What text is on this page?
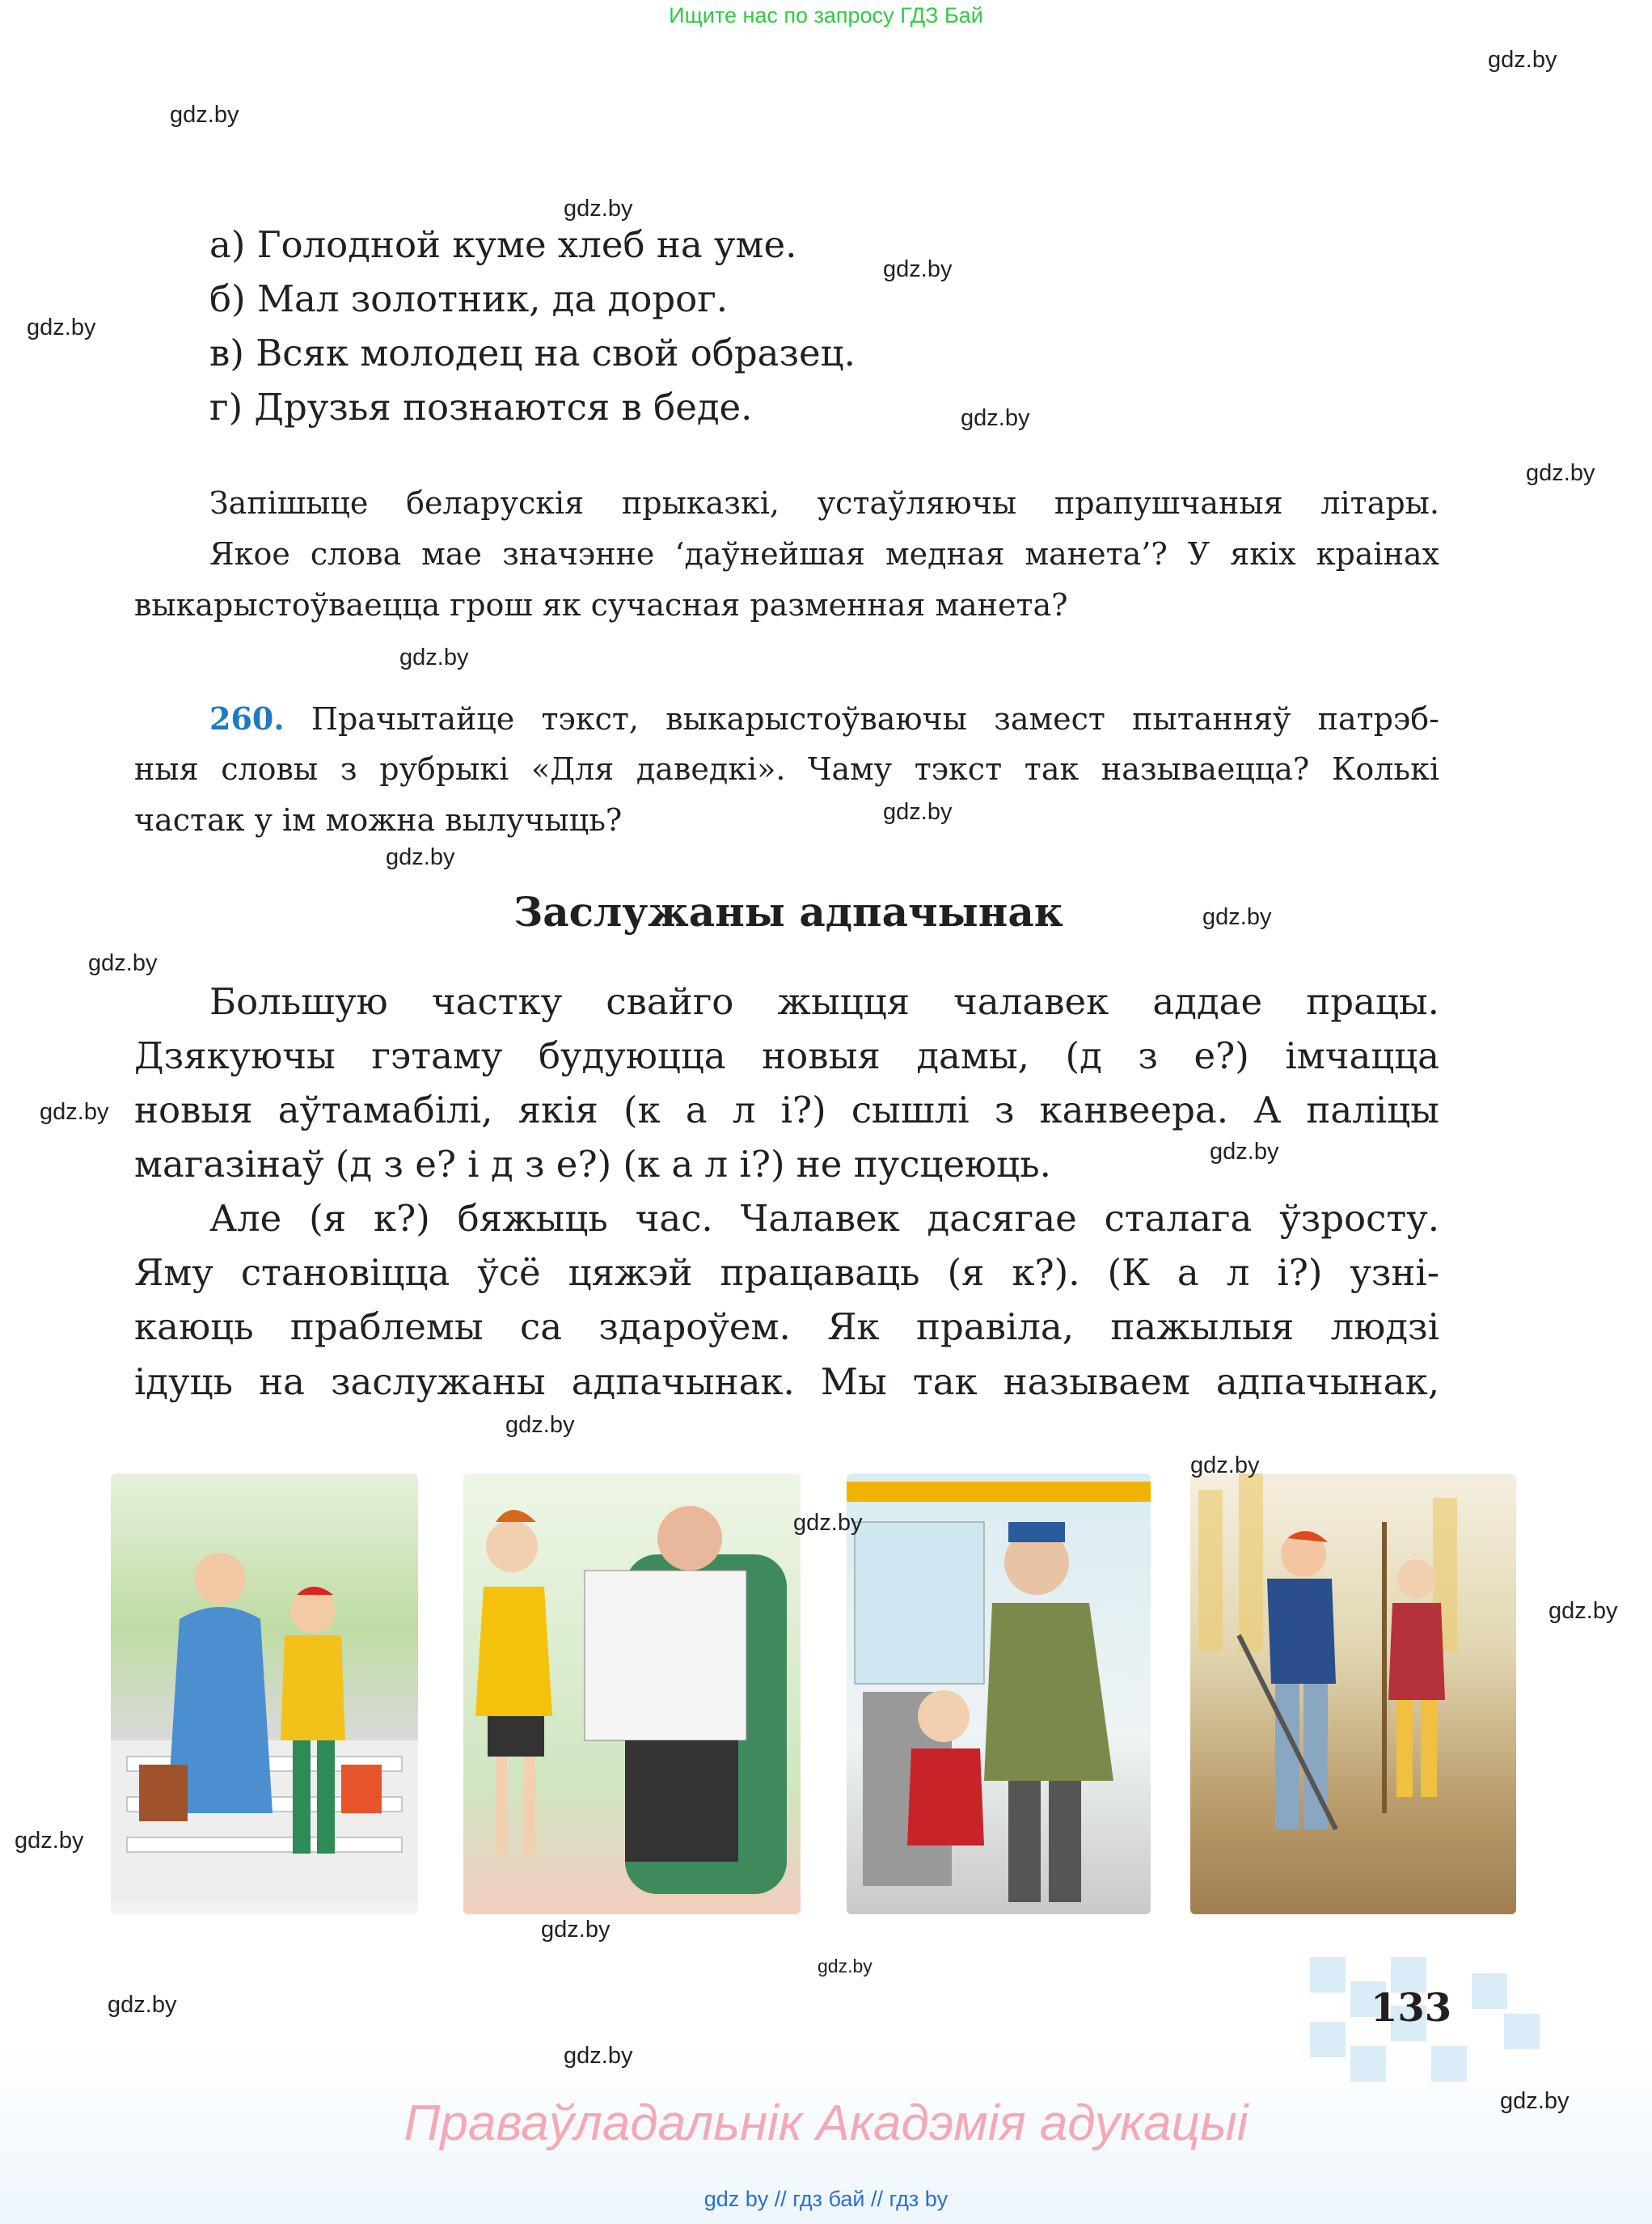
Ищите нас по запросу ГДЗ Бай
а) Голодной куме хлеб на уме.
б) Мал золотник, да дорог.
в) Всяк молодец на свой образец.
г) Друзья познаются в беде.
Запішыце беларускія прыказкі, устаўляючы прапушчаныя літары.
Якое слова мае значэнне ‘даўнейшая медная манета’? У якіх краінах
выкарыстоўваецца грош як сучасная разменная манета?
260. Прачытайце тэкст, выкарыстоўваючы замест пытанняў патрэб-
ныя словы з рубрыкі «Для даведкі». Чаму тэкст так называецца? Колькі
частак у ім можна вылучыць?
Заслужаны адпачынак
Большую частку свайго жыцця чалавек аддае працы.
Дзякуючы гэтаму будуюцца новыя дамы, (д з е?) імчацца
новыя аўтамабілі, якія (к а л і?) сышлі з канвеера. А паліцы
магазінаў (д з е? і д з е?) (к а л і?) не пусцеюць.
Але (я к?) бяжыць час. Чалавек дасягае сталага ўзросту.
Яму становіцца ўсё цяжэй працаваць (я к?). (К а л і?) узні-
каюць праблемы са здароўем. Як правіла, пажылыя людзі
ідуць на заслужаны адпачынак. Мы так называем адпачынак,
133
Праваўладальнік Акадэмія адукацыі
gdz by // гдз бай // гдз by
gdz.by
gdz.by
gdz.by
gdz.by
gdz.by
gdz.by
gdz.by
gdz.by
gdz.by
gdz.by
gdz.by
gdz.by
gdz.by
gdz.by
gdz.by
gdz.by
gdz.by
gdz.by
gdz.by
gdz.by
gdz.by
gdz.by
gdz.by
gdz.by
